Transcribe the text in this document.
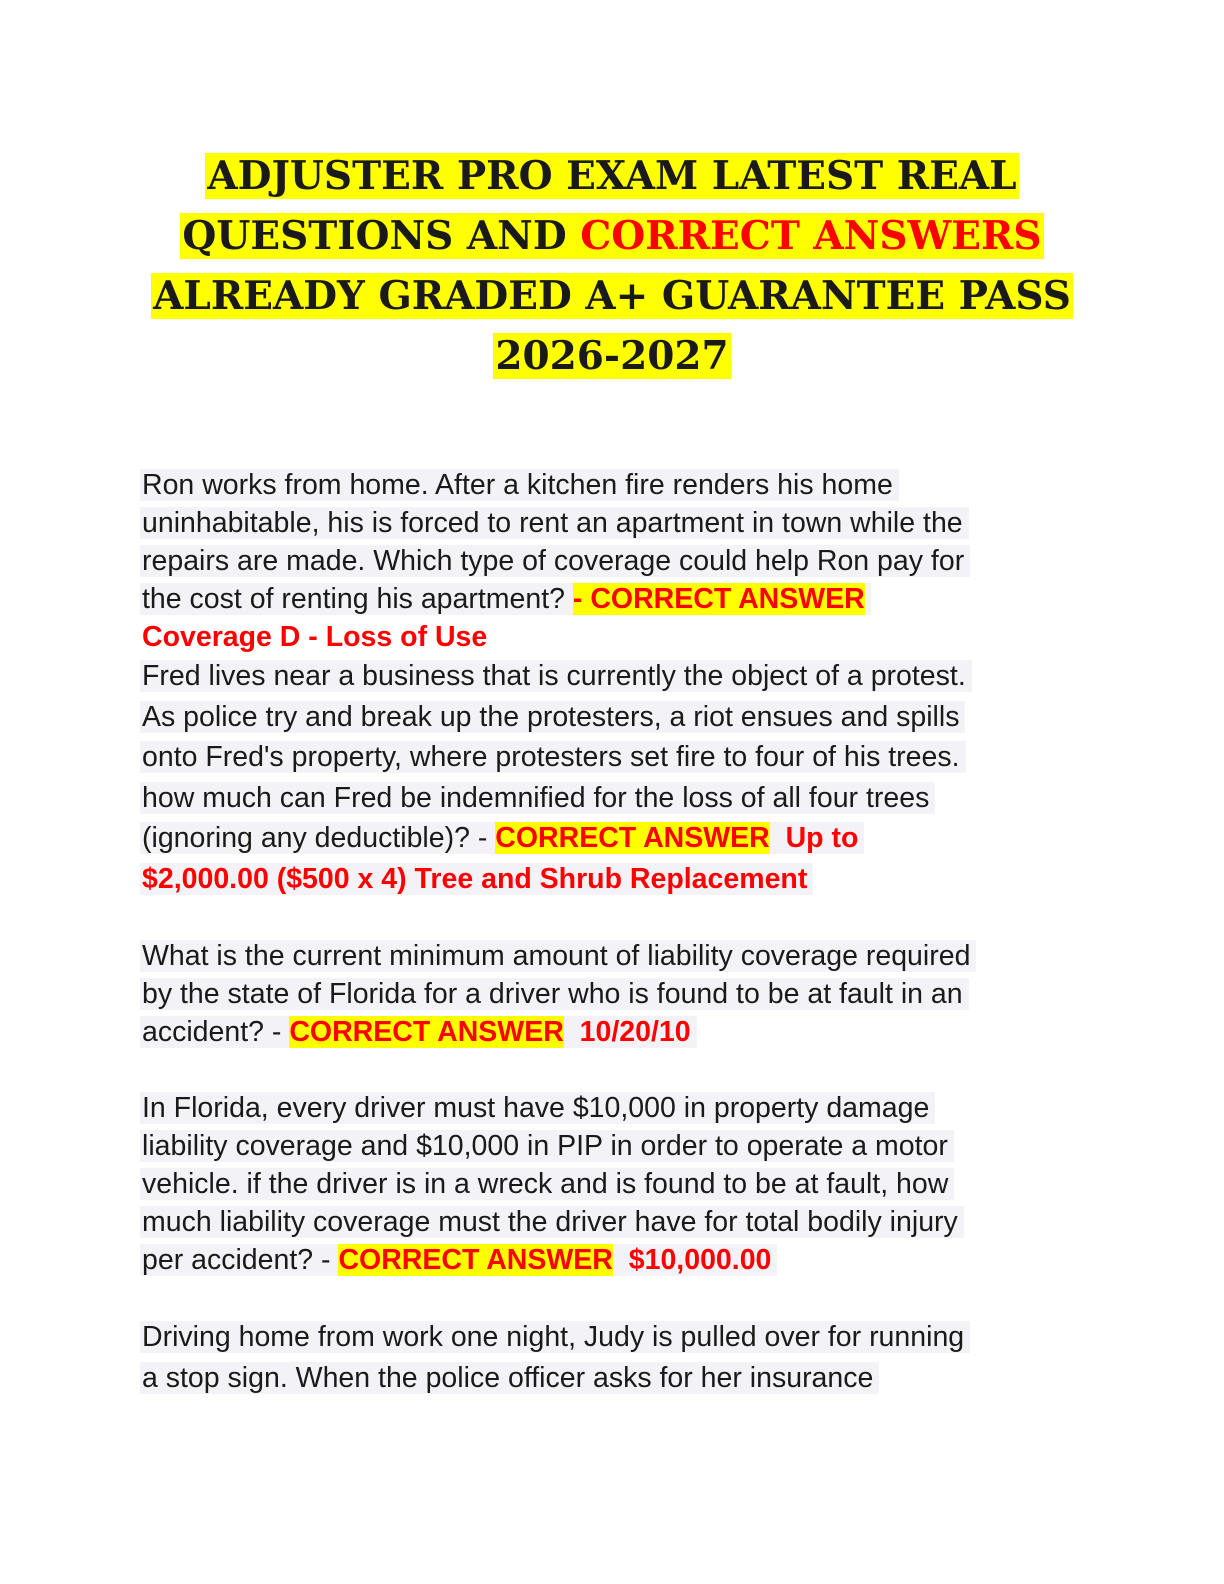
ADJUSTER PRO EXAM LATEST REAL
QUESTIONS AND CORRECT ANSWERS
ALREADY GRADED A+ GUARANTEE PASS
2026-2027
Ron works from home. After a kitchen fire renders his home
uninhabitable, his is forced to rent an apartment in town while the
repairs are made. Which type of coverage could help Ron pay for
the cost of renting his apartment? - CORRECT ANSWER
Coverage D - Loss of Use
Fred lives near a business that is currently the object of a protest.
As police try and break up the protesters, a riot ensues and spills
onto Fred's property, where protesters set fire to four of his trees.
how much can Fred be indemnified for the loss of all four trees
(ignoring any deductible)? - CORRECT ANSWER Up to
$2,000.00 ($500 x 4) Tree and Shrub Replacement
What is the current minimum amount of liability coverage required
by the state of Florida for a driver who is found to be at fault in an
accident? - CORRECT ANSWER 10/20/10
In Florida, every driver must have $10,000 in property damage
liability coverage and $10,000 in PIP in order to operate a motor
vehicle. if the driver is in a wreck and is found to be at fault, how
much liability coverage must the driver have for total bodily injury
per accident? - CORRECT ANSWER $10,000.00
Driving home from work one night, Judy is pulled over for running
a stop sign. When the police officer asks for her insurance
